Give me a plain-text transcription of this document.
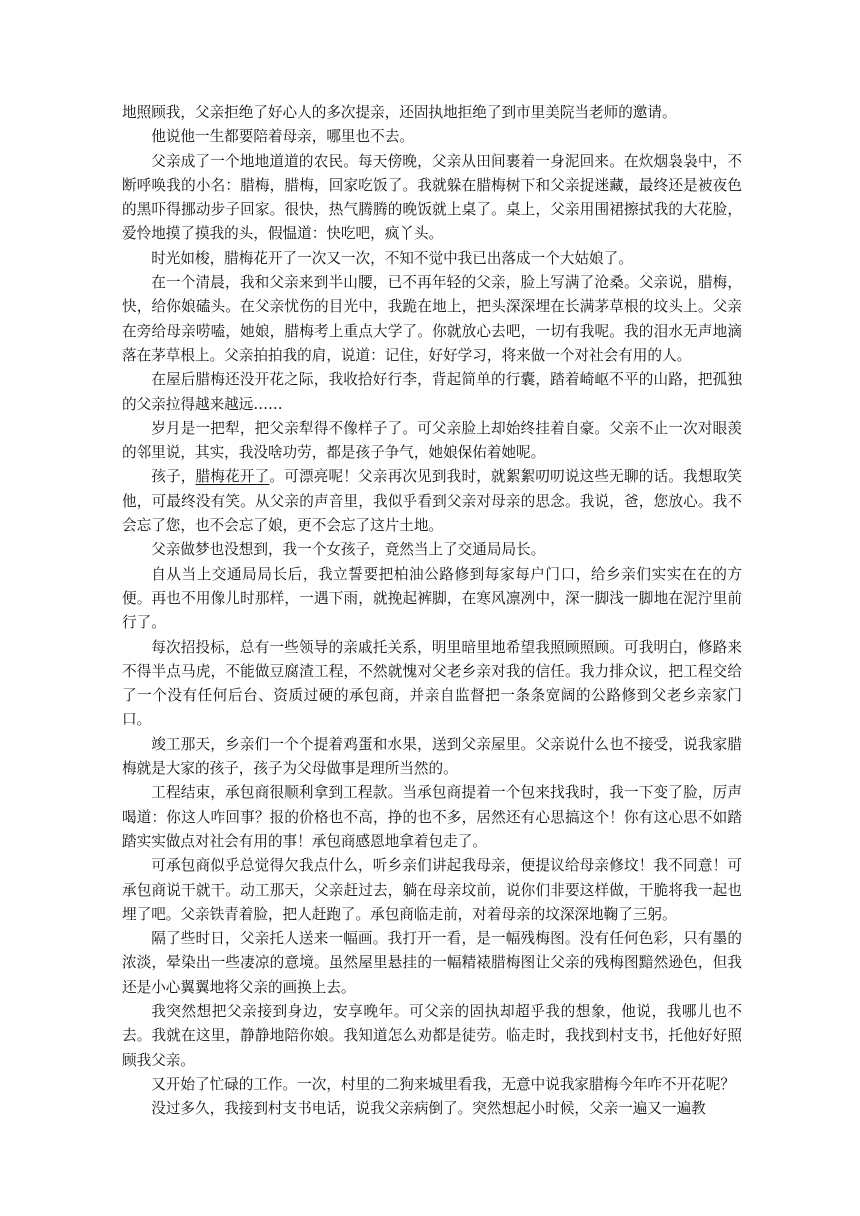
地照顾我，父亲拒绝了好心人的多次提亲，还固执地拒绝了到市里美院当老师的邀请。

他说他一生都要陪着母亲，哪里也不去。

父亲成了一个地地道道的农民。每天傍晚，父亲从田间裹着一身泥回来。在炊烟袅袅中，不断呼唤我的小名：腊梅，腊梅，回家吃饭了。我就躲在腊梅树下和父亲捉迷藏，最终还是被夜色的黑吓得挪动步子回家。很快，热气腾腾的晚饭就上桌了。桌上，父亲用围裙擦拭我的大花脸，爱怜地摸了摸我的头，假愠道：快吃吧，疯丫头。

时光如梭，腊梅花开了一次又一次，不知不觉中我已出落成一个大姑娘了。

在一个清晨，我和父亲来到半山腰，已不再年轻的父亲，脸上写满了沧桑。父亲说，腊梅，快，给你娘磕头。在父亲忧伤的目光中，我跪在地上，把头深深埋在长满茅草根的坟头上。父亲在旁给母亲唠嗑，她娘，腊梅考上重点大学了。你就放心去吧，一切有我呢。我的泪水无声地滴落在茅草根上。父亲拍拍我的肩，说道：记住，好好学习，将来做一个对社会有用的人。

在屋后腊梅还没开花之际，我收拾好行李，背起简单的行囊，踏着崎岖不平的山路，把孤独的父亲拉得越来越远……

岁月是一把犁，把父亲犁得不像样子了。可父亲脸上却始终挂着自豪。父亲不止一次对眼羡的邻里说，其实，我没啥功劳，都是孩子争气，她娘保佑着她呢。

孩子，腊梅花开了。可漂亮呢！父亲再次见到我时，就絮絮叨叨说这些无聊的话。我想取笑他，可最终没有笑。从父亲的声音里，我似乎看到父亲对母亲的思念。我说，爸，您放心。我不会忘了您，也不会忘了娘，更不会忘了这片土地。

父亲做梦也没想到，我一个女孩子，竟然当上了交通局局长。

自从当上交通局局长后，我立誓要把柏油公路修到每家每户门口，给乡亲们实实在在的方便。再也不用像儿时那样，一遇下雨，就挽起裤脚，在寒风凛冽中，深一脚浅一脚地在泥泞里前行了。

每次招投标，总有一些领导的亲戚托关系，明里暗里地希望我照顾照顾。可我明白，修路来不得半点马虎，不能做豆腐渣工程，不然就愧对父老乡亲对我的信任。我力排众议，把工程交给了一个没有任何后台、资质过硬的承包商，并亲自监督把一条条宽阔的公路修到父老乡亲家门口。

竣工那天，乡亲们一个个提着鸡蛋和水果，送到父亲屋里。父亲说什么也不接受，说我家腊梅就是大家的孩子，孩子为父母做事是理所当然的。

工程结束，承包商很顺利拿到工程款。当承包商提着一个包来找我时，我一下变了脸，厉声喝道：你这人咋回事？报的价格也不高，挣的也不多，居然还有心思搞这个！你有这心思不如踏踏实实做点对社会有用的事！承包商感恩地拿着包走了。

可承包商似乎总觉得欠我点什么，听乡亲们讲起我母亲，便提议给母亲修坟！我不同意！可承包商说干就干。动工那天，父亲赶过去，躺在母亲坟前，说你们非要这样做，干脆将我一起也埋了吧。父亲铁青着脸，把人赶跑了。承包商临走前，对着母亲的坟深深地鞠了三躬。

隔了些时日，父亲托人送来一幅画。我打开一看，是一幅残梅图。没有任何色彩，只有墨的浓淡，晕染出一些凄凉的意境。虽然屋里悬挂的一幅精裱腊梅图让父亲的残梅图黯然逊色，但我还是小心翼翼地将父亲的画换上去。

我突然想把父亲接到身边，安享晚年。可父亲的固执却超乎我的想象，他说，我哪儿也不去。我就在这里，静静地陪你娘。我知道怎么劝都是徒劳。临走时，我找到村支书，托他好好照顾我父亲。

又开始了忙碌的工作。一次，村里的二狗来城里看我，无意中说我家腊梅今年咋不开花呢？

没过多久，我接到村支书电话，说我父亲病倒了。突然想起小时候，父亲一遍又一遍教
